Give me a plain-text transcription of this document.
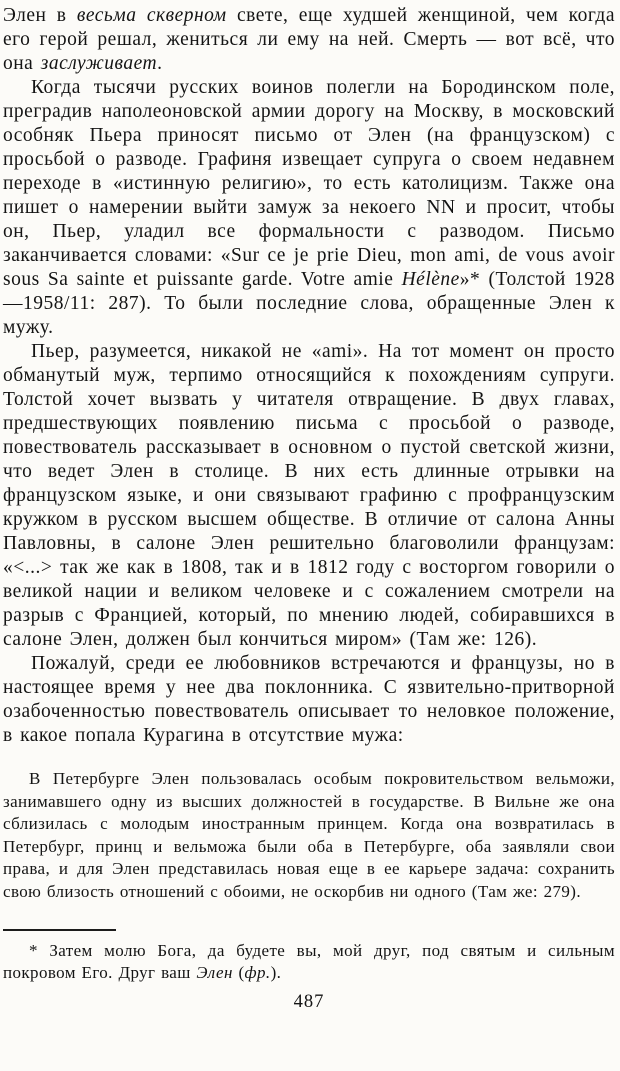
Элен в весьма скверном свете, еще худшей женщиной, чем когда его герой решал, жениться ли ему на ней. Смерть — вот всё, что она заслуживает.

Когда тысячи русских воинов полегли на Бородинском поле, преградив наполеоновской армии дорогу на Москву, в московский особняк Пьера приносят письмо от Элен (на французском) с просьбой о разводе. Графиня извещает супруга о своем недавнем переходе в «истинную религию», то есть католицизм. Также она пишет о намерении выйти замуж за некоего NN и просит, чтобы он, Пьер, уладил все формальности с разводом. Письмо заканчивается словами: «Sur ce je prie Dieu, mon ami, de vous avoir sous Sa sainte et puissante garde. Votre amie Hélène»* (Толстой 1928—1958/11: 287). То были последние слова, обращенные Элен к мужу.

Пьер, разумеется, никакой не «ami». На тот момент он просто обманутый муж, терпимо относящийся к похождениям супруги. Толстой хочет вызвать у читателя отвращение. В двух главах, предшествующих появлению письма с просьбой о разводе, повествователь рассказывает в основном о пустой светской жизни, что ведет Элен в столице. В них есть длинные отрывки на французском языке, и они связывают графиню с профранцузским кружком в русском высшем обществе. В отличие от салона Анны Павловны, в салоне Элен решительно благоволили французам: «<...> так же как в 1808, так и в 1812 году с восторгом говорили о великой нации и великом человеке и с сожалением смотрели на разрыв с Францией, который, по мнению людей, собиравшихся в салоне Элен, должен был кончиться миром» (Там же: 126).

Пожалуй, среди ее любовников встречаются и французы, но в настоящее время у нее два поклонника. С язвительно-притворной озабоченностью повествователь описывает то неловкое положение, в какое попала Курагина в отсутствие мужа:

В Петербурге Элен пользовалась особым покровительством вельможи, занимавшего одну из высших должностей в государстве. В Вильне же она сблизилась с молодым иностранным принцем. Когда она возвратилась в Петербург, принц и вельможа были оба в Петербурге, оба заявляли свои права, и для Элен представилась новая еще в ее карьере задача: сохранить свою близость отношений с обоими, не оскорбив ни одного (Там же: 279).

* Затем молю Бога, да будете вы, мой друг, под святым и сильным покровом Его. Друг ваш Элен (фр.).

487
